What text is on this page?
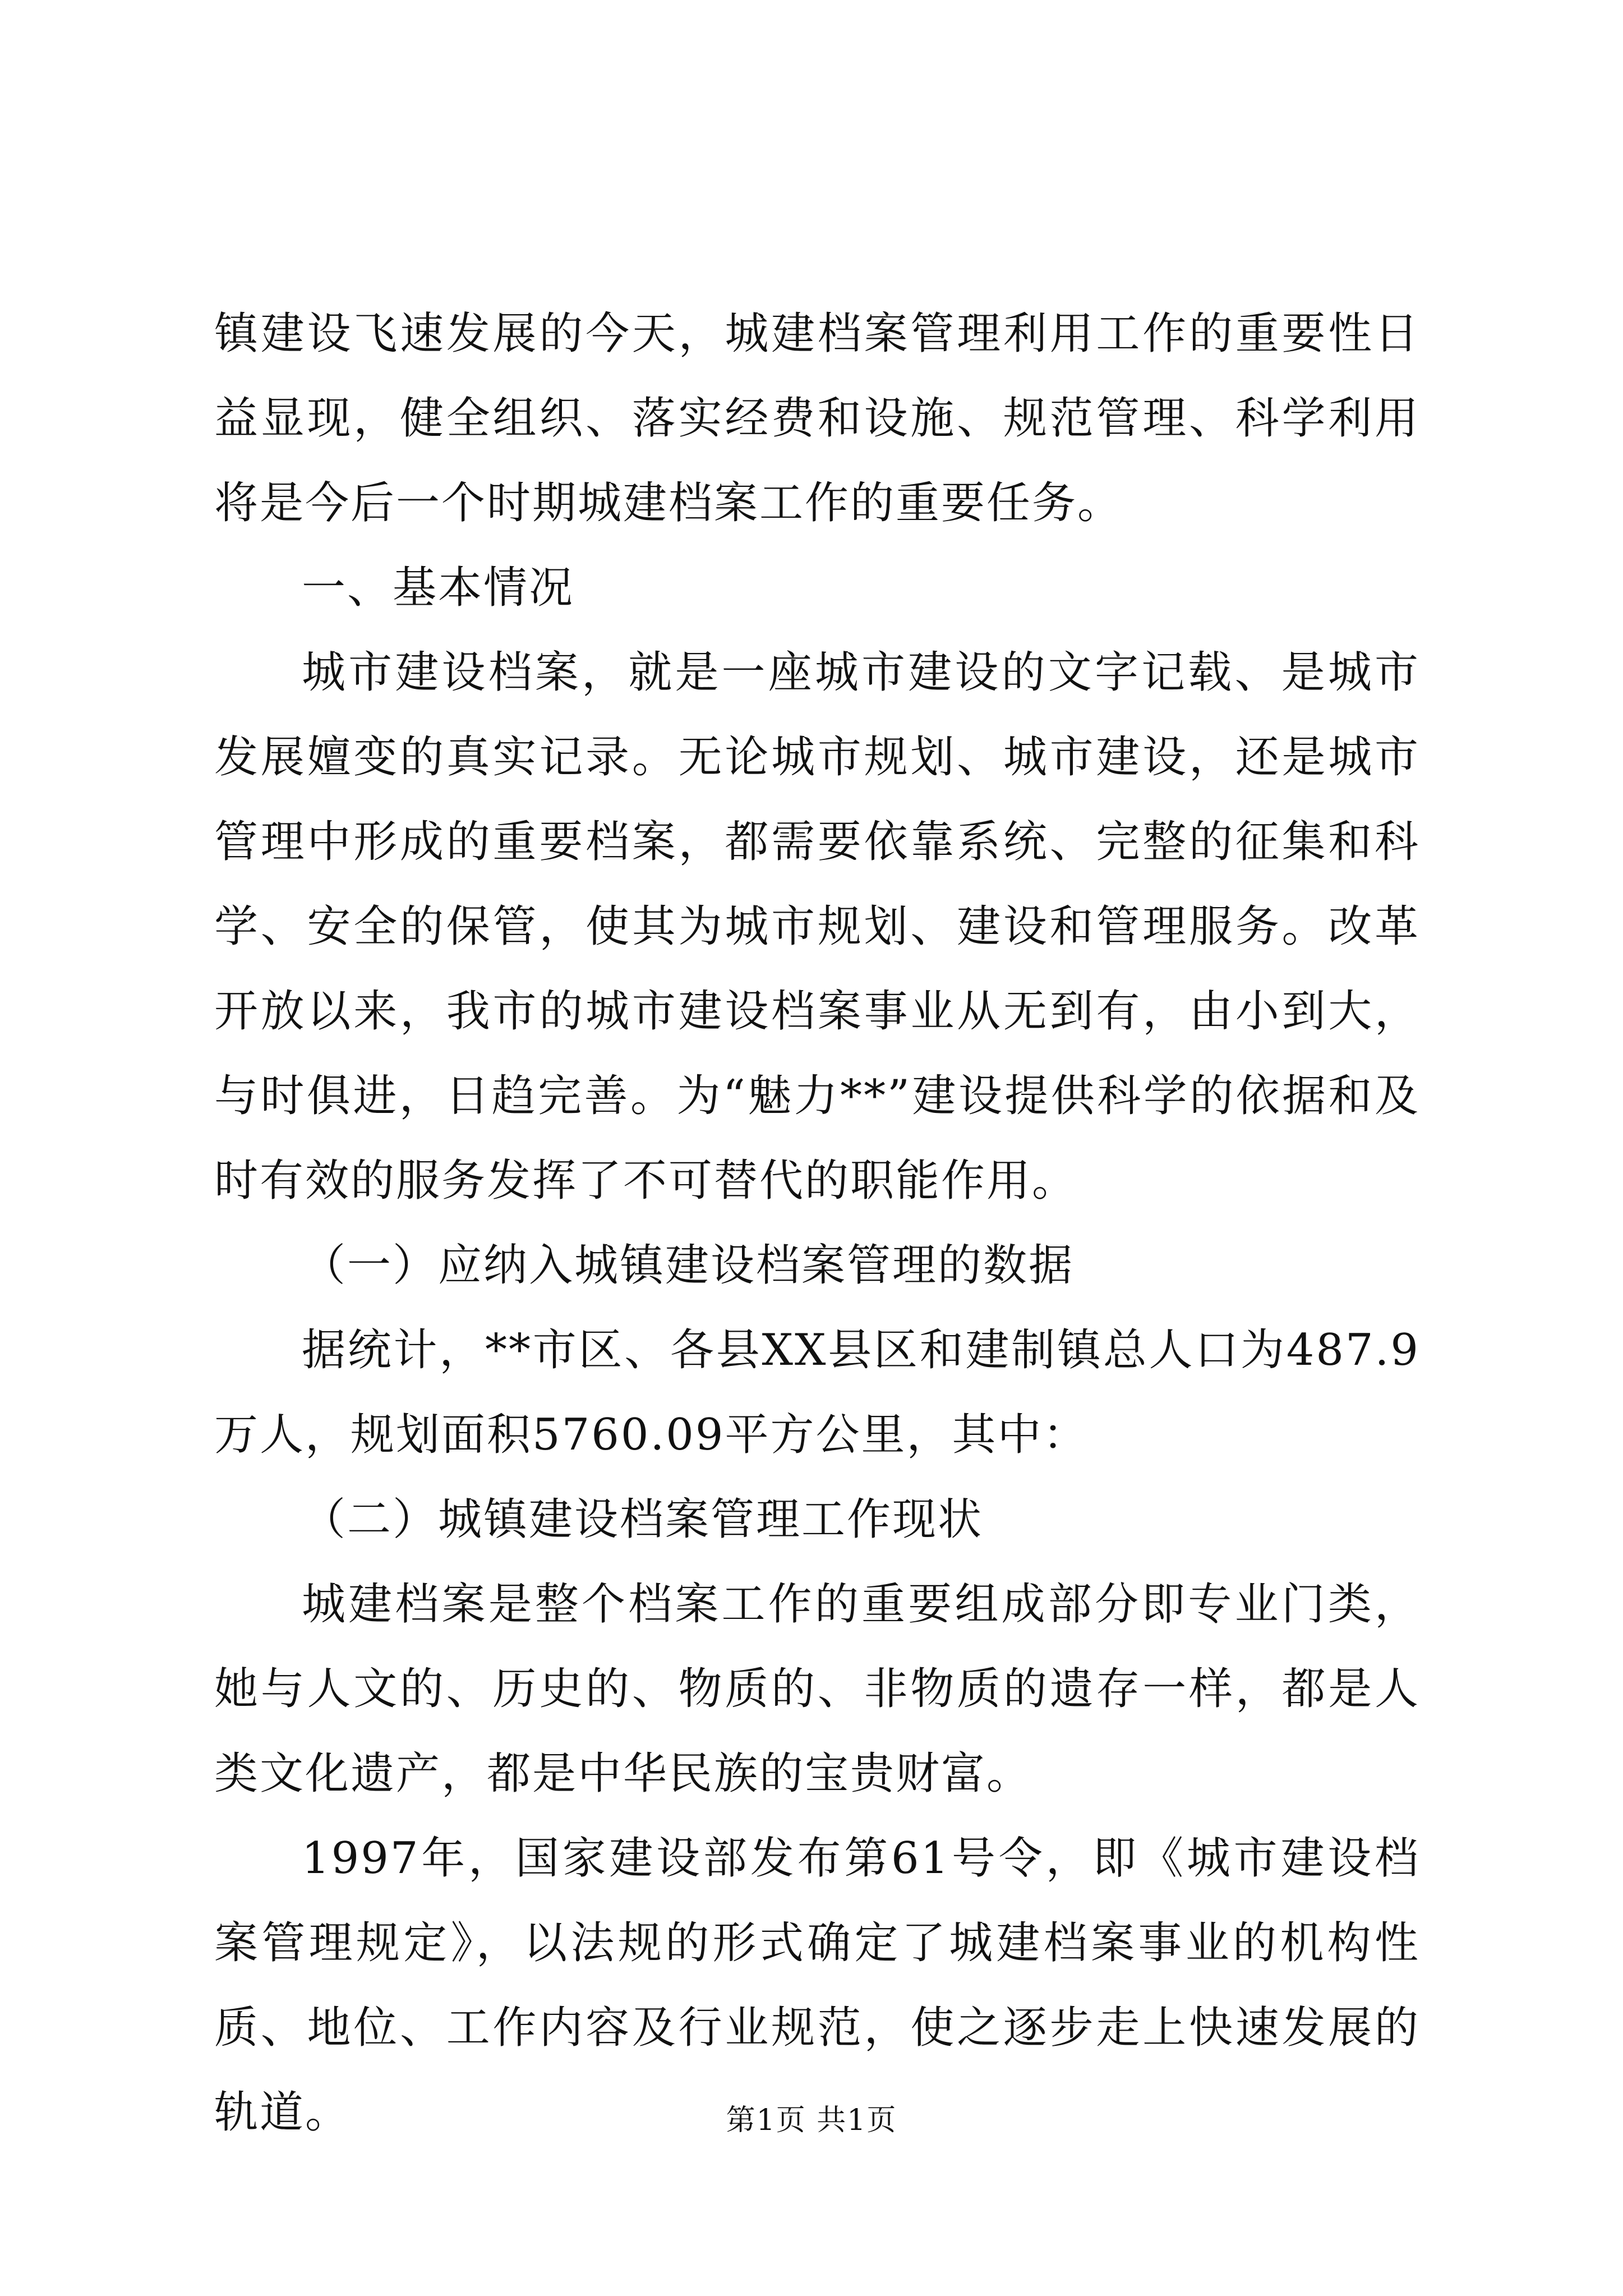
镇建设飞速发展的今天，城建档案管理利用工作的重要性日益显现，健全组织、落实经费和设施、规范管理、科学利用将是今后一个时期城建档案工作的重要任务。

一、基本情况

城市建设档案，就是一座城市建设的文字记载、是城市发展嬗变的真实记录。无论城市规划、城市建设，还是城市管理中形成的重要档案，都需要依靠系统、完整的征集和科学、安全的保管，使其为城市规划、建设和管理服务。改革开放以来，我市的城市建设档案事业从无到有，由小到大，与时俱进，日趋完善。为“魅力**”建设提供科学的依据和及时有效的服务发挥了不可替代的职能作用。

（一）应纳入城镇建设档案管理的数据

据统计，**市区、各县XX县区和建制镇总人口为487.9万人，规划面积5760.09平方公里，其中：

（二）城镇建设档案管理工作现状

城建档案是整个档案工作的重要组成部分即专业门类，她与人文的、历史的、物质的、非物质的遗存一样，都是人类文化遗产，都是中华民族的宝贵财富。

1997年，国家建设部发布第61号令，即《城市建设档案管理规定》，以法规的形式确定了城建档案事业的机构性质、地位、工作内容及行业规范，使之逐步走上快速发展的轨道。	第1页 共1页
